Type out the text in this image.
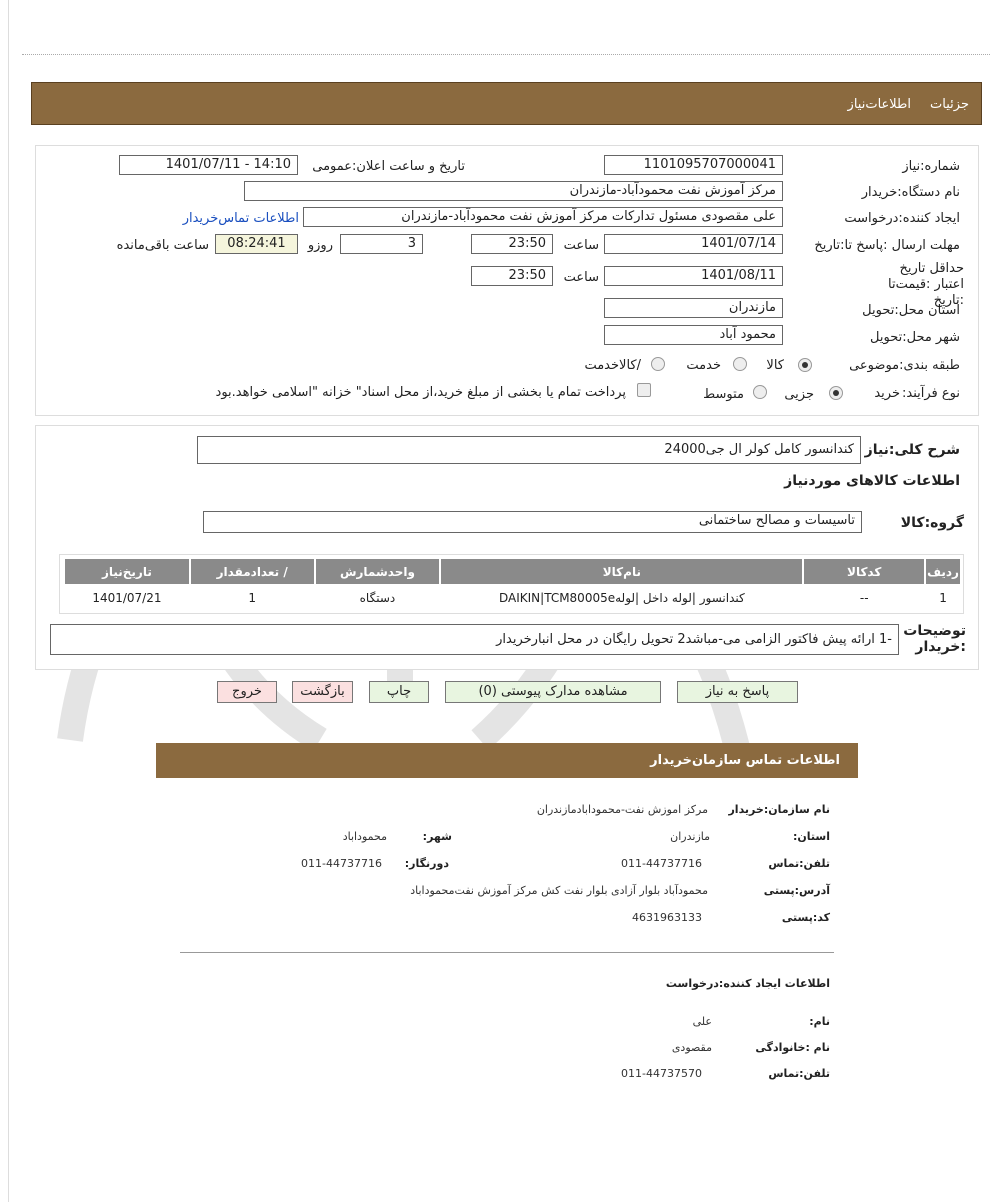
جزئیات
اطلاعات‌نیاز
شماره:نیاز
1101095707000041
تاریخ و ساعت اعلان:عمومی
1401/07/11 - 14:10
نام دستگاه:خریدار
مرکز آموزش نفت محمودآباد-مازندران
ایجاد کننده:درخواست
علی مقصودی مسئول تدارکات مرکز آموزش نفت محمودآباد-مازندران
اطلاعات تماس‌خریدار
مهلت ارسال :پاسخ تا:تاریخ
1401/07/14
ساعت
23:50
3
روزو
08:24:41
ساعت باقی‌مانده
حداقل تاریخ اعتبار :قیمت‌تا :تاریخ
1401/08/11
ساعت
23:50
استان محل:تحویل
مازندران
شهر محل:تحویل
محمود آباد
طبقه بندی:موضوعی
کالا
خدمت
/کالاخدمت
نوع فرآیند:
خرید
جزیی
متوسط
پرداخت تمام یا بخشی از مبلغ خرید،از محل اسناد" خزانه "اسلامی خواهد.بود
شرح کلی:نیاز
کندانسور کامل کولر ال جی24000
اطلاعات کالاهای موردنیاز
گروه:کالا
تاسیسات و مصالح ساختمانی
ردیف	کدکالا	نام‌کالا	واحدشمارش	/ تعدادمقدار	تاریخ‌نیاز
1	--	کندانسور |لوله داخل |لولهDAIKIN|TCM80005e	دستگاه	1	1401/07/21
توضیحات :خریدار
-1 ارائه پیش فاکتور الزامی می-مباشد2 تحویل رایگان در محل انبارخریدار
پاسخ به نیاز
مشاهده مدارک پیوستی (0)
چاپ
بازگشت
خروج
اطلاعات تماس سازمان‌خریدار
نام سازمان:خریدار
مرکز اموزش نفت-محمودابادمازندران
استان:
مازندران
شهر:
محموداباد
تلفن:تماس
011-44737716
دورنگار:
011-44737716
آدرس:پستی
محمودآباد بلوار آزادی بلوار نفت کش مرکز آموزش نفت‌محموداباد
کد:پستی
4631963133
اطلاعات ایجاد کننده:درخواست
نام:
علی
نام :خانوادگی
مقصودی
تلفن:تماس
011-44737570
